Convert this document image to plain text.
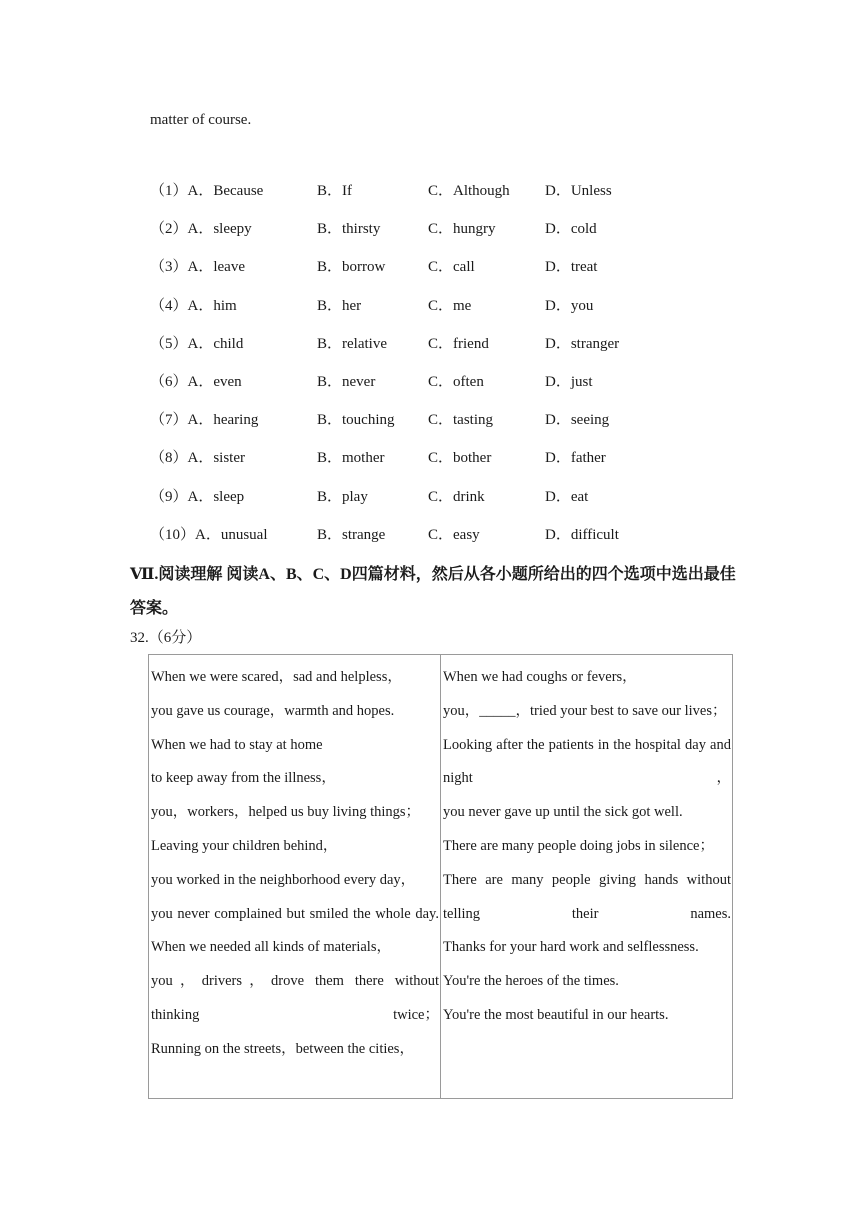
matter of course.
（1）A．Because	B．If	C．Although D．Unless
（2）A．sleepy	B．thirsty	C．hungry	D．cold
（3）A．leave	B．borrow	C．call	D．treat
（4）A．him	B．her	C．me	D．you
（5）A．child	B．relative	C．friend	D．stranger
（6）A．even	B．never	C．often	D．just
（7）A．hearing	B．touching C．tasting	D．seeing
（8）A．sister	B．mother	C．bother	D．father
（9）A．sleep	B．play	C．drink	D．eat
（10）A．unusual	B．strange	C．easy	D．difficult
Ⅶ.阅读理解 阅读A、B、C、D四篇材料，然后从各小题所给出的四个选项中选出最佳答案。
32.（6分）
When we were scared，sad and helpless，
you gave us courage，warmth and hopes.
When we had to stay at home
to keep away from the illness，
you，workers，helped us buy living things；
Leaving your children behind，
you worked in the neighborhood every day，
you never complained but smiled the whole day.
When we needed all kinds of materials，
you，drivers，drove them there without thinking twice；
Running on the streets，between the cities，

When we had coughs or fevers，
you，_____，tried your best to save our lives；
Looking after the patients in the hospital day and night，
you never gave up until the sick got well.
There are many people doing jobs in silence；
There are many people giving hands without telling their names.
Thanks for your hard work and selflessness.
You're the heroes of the times.
You're the most beautiful in our hearts.
